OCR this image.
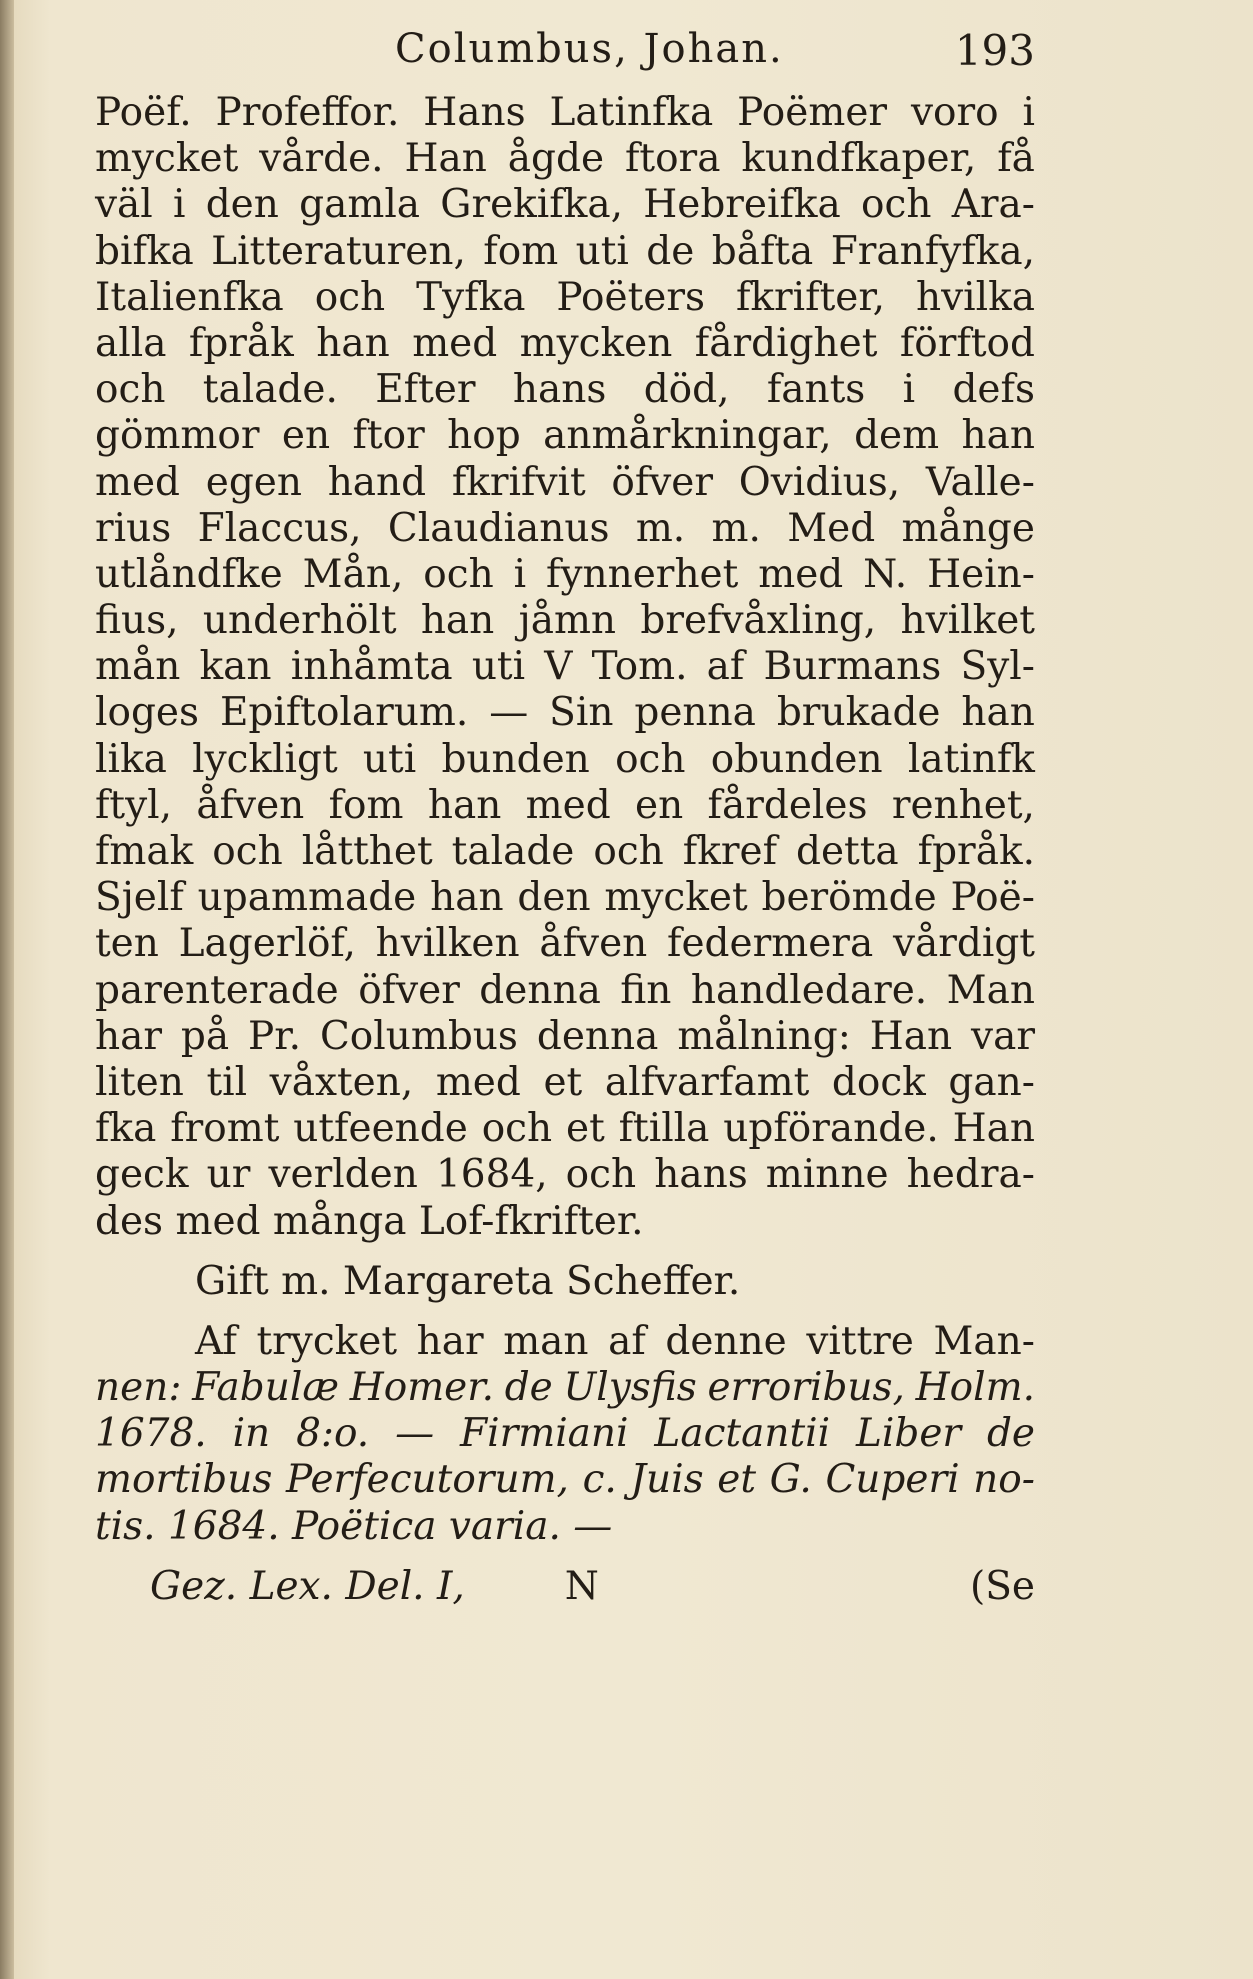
Columbus, Johan.	193
Poëf. Profeffor. Hans Latinfka Poëmer voro i
mycket vårde. Han ågde ftora kundfkaper, få
väl i den gamla Grekifka, Hebreifka och Ara-
bifka Litteraturen, fom uti de båfta Franfyfka,
Italienfka och Tyfka Poëters fkrifter, hvilka
alla fpråk han med mycken fårdighet förftod
och talade. Efter hans död, fants i defs
gömmor en ftor hop anmårkningar, dem han
med egen hand fkrifvit öfver Ovidius, Valle-
rius Flaccus, Claudianus m. m. Med månge
utlåndfke Mån, och i fynnerhet med N. Hein-
fius, underhölt han jåmn brefvåxling, hvilket
mån kan inhåmta uti V Tom. af Burmans Syl-
loges Epiftolarum. — Sin penna brukade han
lika lyckligt uti bunden och obunden latinfk
ftyl, åfven fom han med en fårdeles renhet,
fmak och låtthet talade och fkref detta fpråk.
Sjelf upammade han den mycket berömde Poë-
ten Lagerlöf, hvilken åfven federmera vårdigt
parenterade öfver denna fin handledare. Man
har på Pr. Columbus denna målning: Han var
liten til våxten, med et alfvarfamt dock gan-
fka fromt utfeende och et ftilla upförande. Han
geck ur verlden 1684, och hans minne hedra-
des med många Lof-fkrifter.
Gift m. Margareta Scheffer.
Af trycket har man af denne vittre Man-
nen: Fabulæ Homer. de Ulysfis erroribus, Holm.
1678. in 8:o. — Firmiani Lactantii Liber de
mortibus Perfecutorum, c. Juis et G. Cuperi no-
tis. 1684. Poëtica varia. —
Gez. Lex. Del. I,	N	(Se
